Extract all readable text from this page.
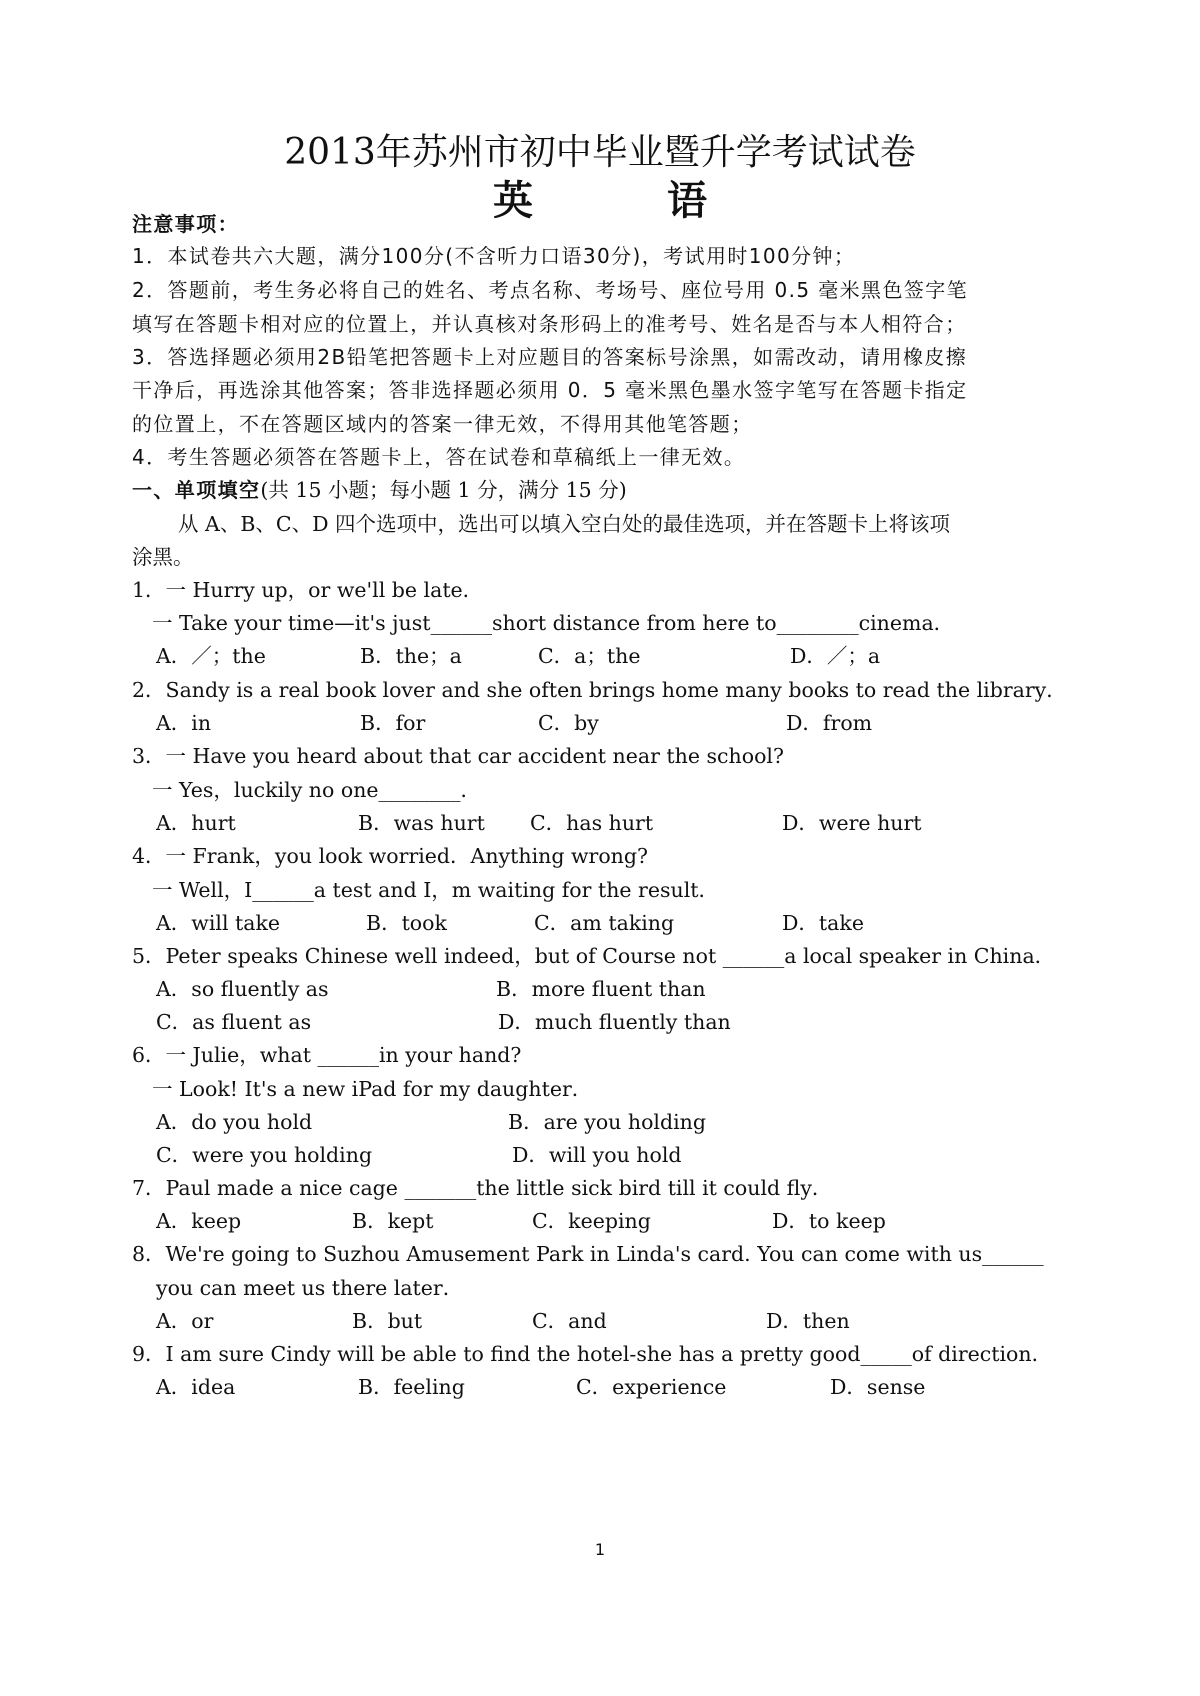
2013年苏州市初中毕业暨升学考试试卷
英 语
注意事项：
1．本试卷共六大题，满分100分(不含听力口语30分)，考试用时100分钟；
2．答题前，考生务必将自己的姓名、考点名称、考场号、座位号用 0.5 毫米黑色签字笔
填写在答题卡相对应的位置上，并认真核对条形码上的准考号、姓名是否与本人相符合；
3．答选择题必须用2B铅笔把答题卡上对应题目的答案标号涂黑，如需改动，请用橡皮擦
干净后，再选涂其他答案；答非选择题必须用 0．5 毫米黑色墨水签字笔写在答题卡指定
的位置上，不在答题区域内的答案一律无效，不得用其他笔答题；
4．考生答题必须答在答题卡上，答在试卷和草稿纸上一律无效。
一、单项填空(共 15 小题；每小题 1 分，满分 15 分)
从 A、B、C、D 四个选项中，选出可以填入空白处的最佳选项，并在答题卡上将该项
涂黑。
1．一 Hurry up，or we'll be late．
一 Take your time—it's just______short distance from here to________cinema．
A．／；the	B．the；a	C．a；the	D．／；a
2．Sandy is a real book lover and she often brings home many books to read the library．
A．in	B．for	C．by	D．from
3．一 Have you heard about that car accident near the school?
一 Yes，luckily no one________．
A．hurt	B．was hurt C．has hurt	D．were hurt
4．一 Frank，you look worried．Anything wrong?
一 Well，I______a test and I，m waiting for the result．
A．will take	B．took	C．am taking	D．take
5．Peter speaks Chinese well indeed，but of Course not ______a local speaker in China．
A．so fluently as	B．more fluent than
C．as fluent as	D．much fluently than
6．一 Julie，what ______in your hand?
一 Look! It's a new iPad for my daughter．
A．do you hold	B．are you holding
C．were you holding	D．will you hold
7．Paul made a nice cage _______the little sick bird till it could fly．
A．keep	B．kept	C．keeping	D．to keep
8．We're going to Suzhou Amusement Park in Linda's card. You can come with us______
you can meet us there later．
A．or	B．but	C．and	D．then
9．I am sure Cindy will be able to find the hotel-she has a pretty good_____of direction．
A．idea	B．feeling	C．experience	D．sense
1
